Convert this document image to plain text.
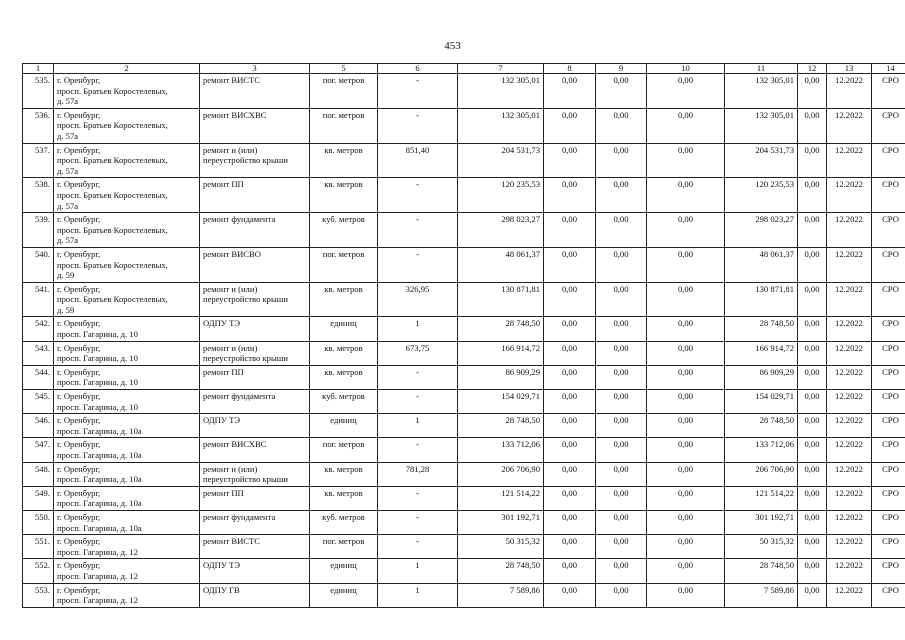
453
1	2	3	5	6	7	8	9	10	11	12	13	14
535.	г. Оренбург,
просп. Братьев Коростелевых,
д. 57а	ремонт ВИСТС	пог. метров	-	132 305,01	0,00	0,00	0,00	132 305,01	0,00	12.2022	СРО
536.	г. Оренбург,
просп. Братьев Коростелевых,
д. 57а	ремонт ВИСХВС	пог. метров	-	132 305,01	0,00	0,00	0,00	132 305,01	0,00	12.2022	СРО
537.	г. Оренбург,
просп. Братьев Коростелевых,
д. 57а	ремонт и (или)
переустройство крыши	кв. метров	851,40	204 531,73	0,00	0,00	0,00	204 531,73	0,00	12.2022	СРО
538.	г. Оренбург,
просп. Братьев Коростелевых,
д. 57а	ремонт ПП	кв. метров	-	120 235,53	0,00	0,00	0,00	120 235,53	0,00	12.2022	СРО
539.	г. Оренбург,
просп. Братьев Коростелевых,
д. 57а	ремонт фундамента	куб. метров	-	298 023,27	0,00	0,00	0,00	298 023,27	0,00	12.2022	СРО
540.	г. Оренбург,
просп. Братьев Коростелевых,
д. 59	ремонт ВИСВО	пог. метров	-	48 061,37	0,00	0,00	0,00	48 061,37	0,00	12.2022	СРО
541.	г. Оренбург,
просп. Братьев Коростелевых,
д. 59	ремонт и (или)
переустройство крыши	кв. метров	326,95	130 871,81	0,00	0,00	0,00	130 871,81	0,00	12.2022	СРО
542.	г. Оренбург,
просп. Гагарина, д. 10	ОДПУ ТЭ	единиц	1	28 748,50	0,00	0,00	0,00	28 748,50	0,00	12.2022	СРО
543.	г. Оренбург,
просп. Гагарина, д. 10	ремонт и (или)
переустройство крыши	кв. метров	673,75	166 914,72	0,00	0,00	0,00	166 914,72	0,00	12.2022	СРО
544.	г. Оренбург,
просп. Гагарина, д. 10	ремонт ПП	кв. метров	-	86 909,29	0,00	0,00	0,00	86 909,29	0,00	12.2022	СРО
545.	г. Оренбург,
просп. Гагарина, д. 10	ремонт фундамента	куб. метров	-	154 029,71	0,00	0,00	0,00	154 029,71	0,00	12.2022	СРО
546.	г. Оренбург,
просп. Гагарина, д. 10а	ОДПУ ТЭ	единиц	1	28 748,50	0,00	0,00	0,00	28 748,50	0,00	12.2022	СРО
547.	г. Оренбург,
просп. Гагарина, д. 10а	ремонт ВИСХВС	пог. метров	-	133 712,06	0,00	0,00	0,00	133 712,06	0,00	12.2022	СРО
548.	г. Оренбург,
просп. Гагарина, д. 10а	ремонт и (или)
переустройство крыши	кв. метров	781,28	206 706,90	0,00	0,00	0,00	206 706,90	0,00	12.2022	СРО
549.	г. Оренбург,
просп. Гагарина, д. 10а	ремонт ПП	кв. метров	-	121 514,22	0,00	0,00	0,00	121 514,22	0,00	12.2022	СРО
550.	г. Оренбург,
просп. Гагарина, д. 10а	ремонт фундамента	куб. метров	-	301 192,71	0,00	0,00	0,00	301 192,71	0,00	12.2022	СРО
551.	г. Оренбург,
просп. Гагарина, д. 12	ремонт ВИСТС	пог. метров	-	50 315,32	0,00	0,00	0,00	50 315,32	0,00	12.2022	СРО
552.	г. Оренбург,
просп. Гагарина, д. 12	ОДПУ ТЭ	единиц	1	28 748,50	0,00	0,00	0,00	28 748,50	0,00	12.2022	СРО
553.	г. Оренбург,
просп. Гагарина, д. 12	ОДПУ ГВ	единиц	1	7 589,86	0,00	0,00	0,00	7 589,86	0,00	12.2022	СРО
